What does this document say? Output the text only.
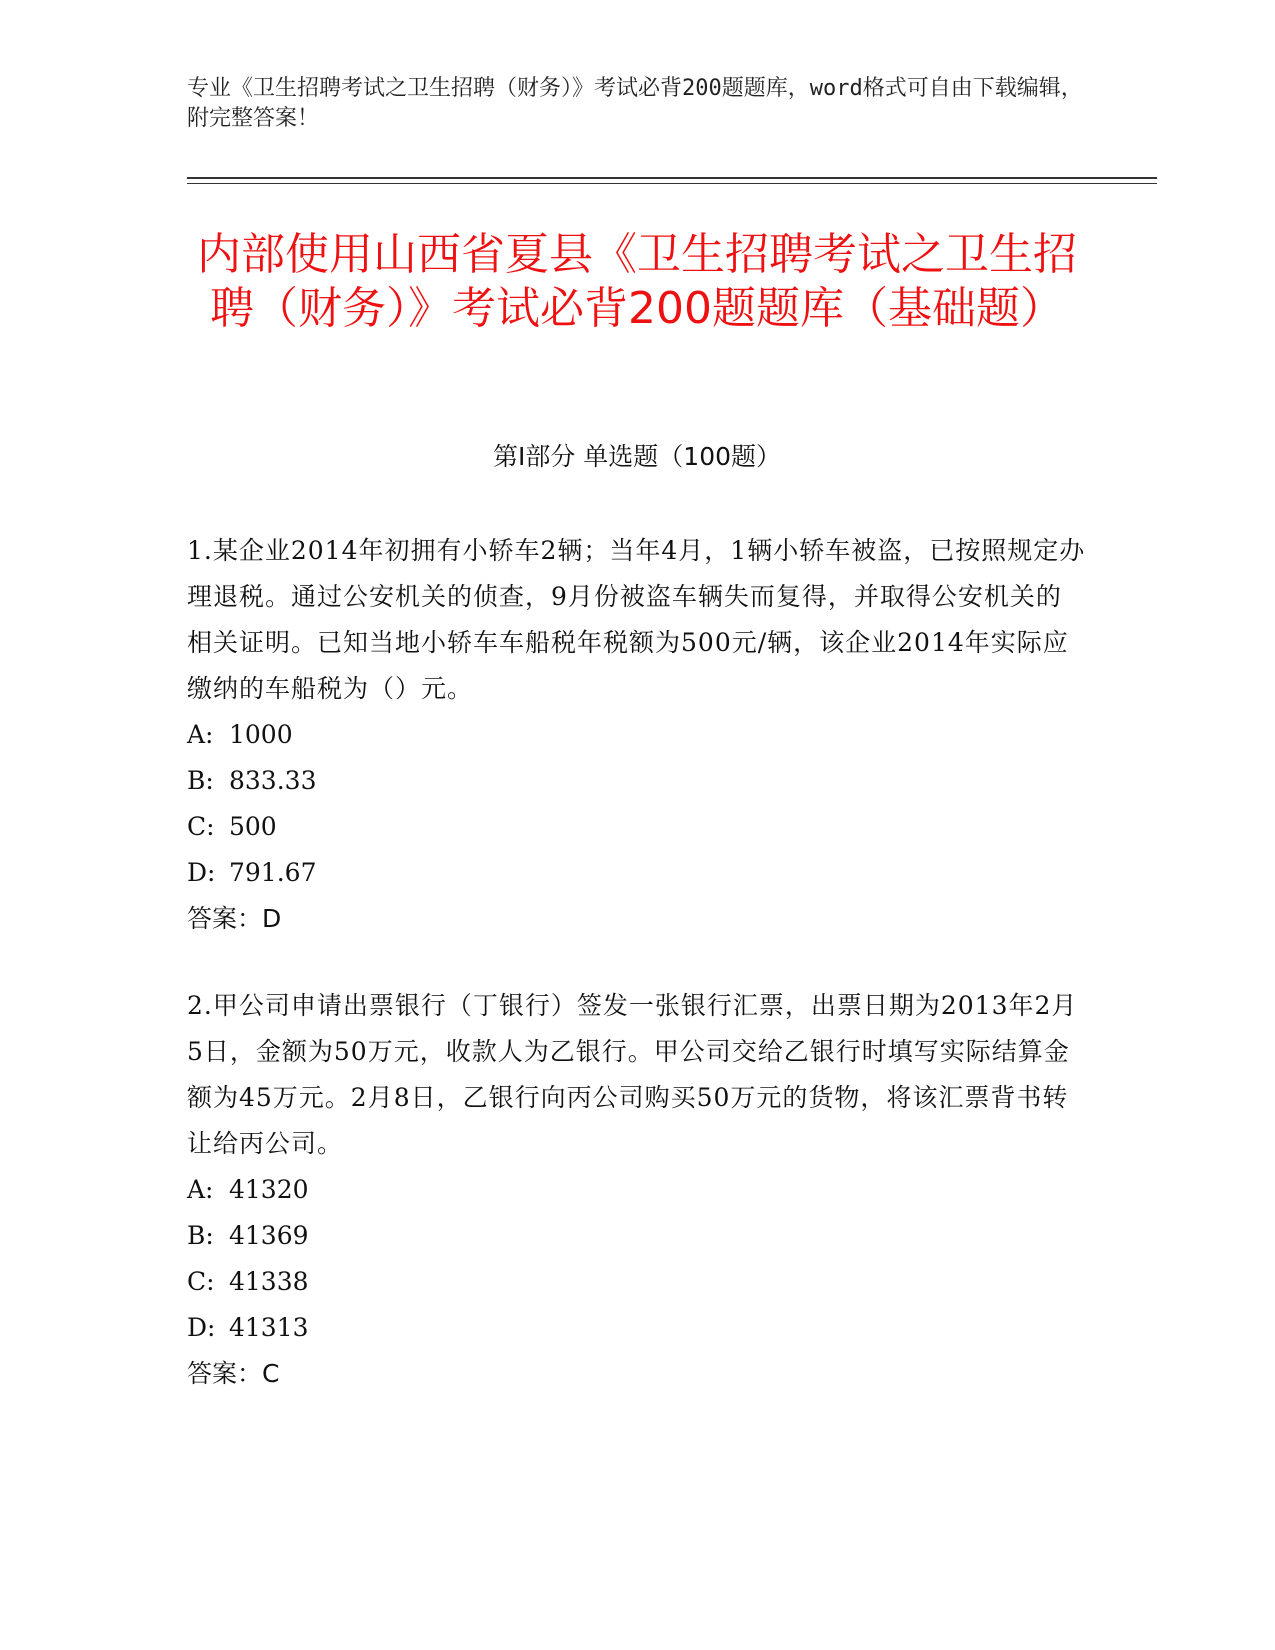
专业《卫生招聘考试之卫生招聘（财务）》考试必背200题题库，word格式可自由下载编辑，附完整答案！
内部使用山西省夏县《卫生招聘考试之卫生招聘（财务）》考试必背200题题库（基础题）
第Ⅰ部分 单选题（100题）

1.某企业2014年初拥有小轿车2辆；当年4月，1辆小轿车被盗，已按照规定办理退税。通过公安机关的侦查，9月份被盗车辆失而复得，并取得公安机关的相关证明。已知当地小轿车车船税年税额为500元/辆，该企业2014年实际应缴纳的车船税为（）元。

A: 1000

B: 833.33

C: 500

D: 791.67

答案：D

2.甲公司申请出票银行（丁银行）签发一张银行汇票，出票日期为2013年2月5日，金额为50万元，收款人为乙银行。甲公司交给乙银行时填写实际结算金额为45万元。2月8日，乙银行向丙公司购买50万元的货物，将该汇票背书转让给丙公司。

A: 41320

B: 41369

C: 41338

D: 41313

答案：C
